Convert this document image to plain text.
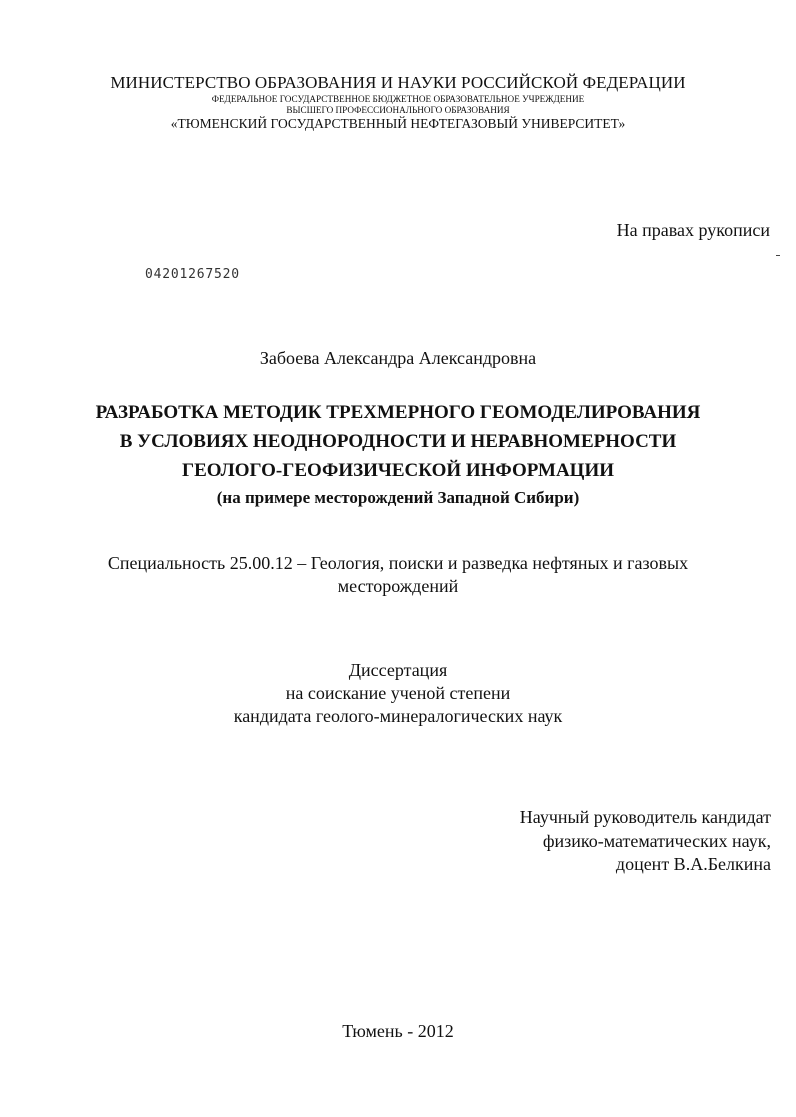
МИНИСТЕРСТВО ОБРАЗОВАНИЯ И НАУКИ РОССИЙСКОЙ ФЕДЕРАЦИИ
ФЕДЕРАЛЬНОЕ ГОСУДАРСТВЕННОЕ БЮДЖЕТНОЕ ОБРАЗОВАТЕЛЬНОЕ УЧРЕЖДЕНИЕ
ВЫСШЕГО ПРОФЕССИОНАЛЬНОГО ОБРАЗОВАНИЯ
«ТЮМЕНСКИЙ ГОСУДАРСТВЕННЫЙ НЕФТЕГАЗОВЫЙ УНИВЕРСИТЕТ»
На правах рукописи
04201267520
Забоева Александра Александровна
РАЗРАБОТКА МЕТОДИК ТРЕХМЕРНОГО ГЕОМОДЕЛИРОВАНИЯ
В УСЛОВИЯХ НЕОДНОРОДНОСТИ И НЕРАВНОМЕРНОСТИ
ГЕОЛОГО-ГЕОФИЗИЧЕСКОЙ ИНФОРМАЦИИ
(на примере месторождений Западной Сибири)
Специальность 25.00.12 – Геология, поиски и разведка нефтяных и газовых
месторождений
Диссертация
на соискание ученой степени
кандидата геолого-минералогических наук
Научный руководитель кандидат
физико-математических наук,
доцент В.А.Белкина
Тюмень - 2012
